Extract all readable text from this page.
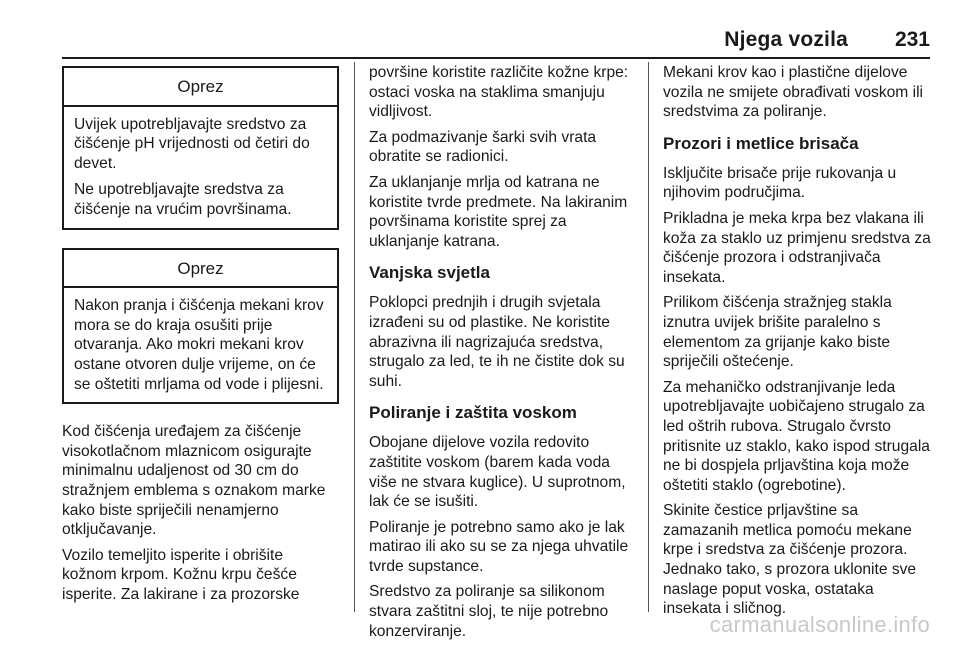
Njega vozila 231
Oprez

Uvijek upotrebljavajte sredstvo za čišćenje pH vrijednosti od četiri do devet.

Ne upotrebljavajte sredstva za čišćenje na vrućim površinama.

Oprez

Nakon pranja i čišćenja mekani krov mora se do kraja osušiti prije otvaranja. Ako mokri mekani krov ostane otvoren dulje vrijeme, on će se oštetiti mrljama od vode i plijesni.

Kod čišćenja uređajem za čišćenje visokotlačnom mlaznicom osigurajte minimalnu udaljenost od 30 cm do stražnjem emblema s oznakom marke kako biste spriječili nenamjerno otključavanje.

Vozilo temeljito isperite i obrišite kožnom krpom. Kožnu krpu češće isperite. Za lakirane i za prozorske

površine koristite različite kožne krpe: ostaci voska na staklima smanjuju vidljivost.

Za podmazivanje šarki svih vrata obratite se radionici.

Za uklanjanje mrlja od katrana ne koristite tvrde predmete. Na lakiranim površinama koristite sprej za uklanjanje katrana.

Vanjska svjetla

Poklopci prednjih i drugih svjetala izrađeni su od plastike. Ne koristite abrazivna ili nagrizajuća sredstva, strugalo za led, te ih ne čistite dok su suhi.

Poliranje i zaštita voskom

Obojane dijelove vozila redovito zaštitite voskom (barem kada voda više ne stvara kuglice). U suprotnom, lak će se isušiti.

Poliranje je potrebno samo ako je lak matirao ili ako su se za njega uhvatile tvrde supstance.

Sredstvo za poliranje sa silikonom stvara zaštitni sloj, te nije potrebno konzerviranje.

Mekani krov kao i plastične dijelove vozila ne smijete obrađivati voskom ili sredstvima za poliranje.

Prozori i metlice brisača

Isključite brisače prije rukovanja u njihovim područjima.

Prikladna je meka krpa bez vlakana ili koža za staklo uz primjenu sredstva za čišćenje prozora i odstranjivača insekata.

Prilikom čišćenja stražnjeg stakla iznutra uvijek brišite paralelno s elementom za grijanje kako biste spriječili oštećenje.

Za mehaničko odstranjivanje leda upotrebljavajte uobičajeno strugalo za led oštrih rubova. Strugalo čvrsto pritisnite uz staklo, kako ispod strugala ne bi dospjela prljavština koja može oštetiti staklo (ogrebotine).

Skinite čestice prljavštine sa zamazanih metlica pomoću mekane krpe i sredstva za čišćenje prozora. Jednako tako, s prozora uklonite sve naslage poput voska, ostataka insekata i sličnog.

carmanualsonline.info
